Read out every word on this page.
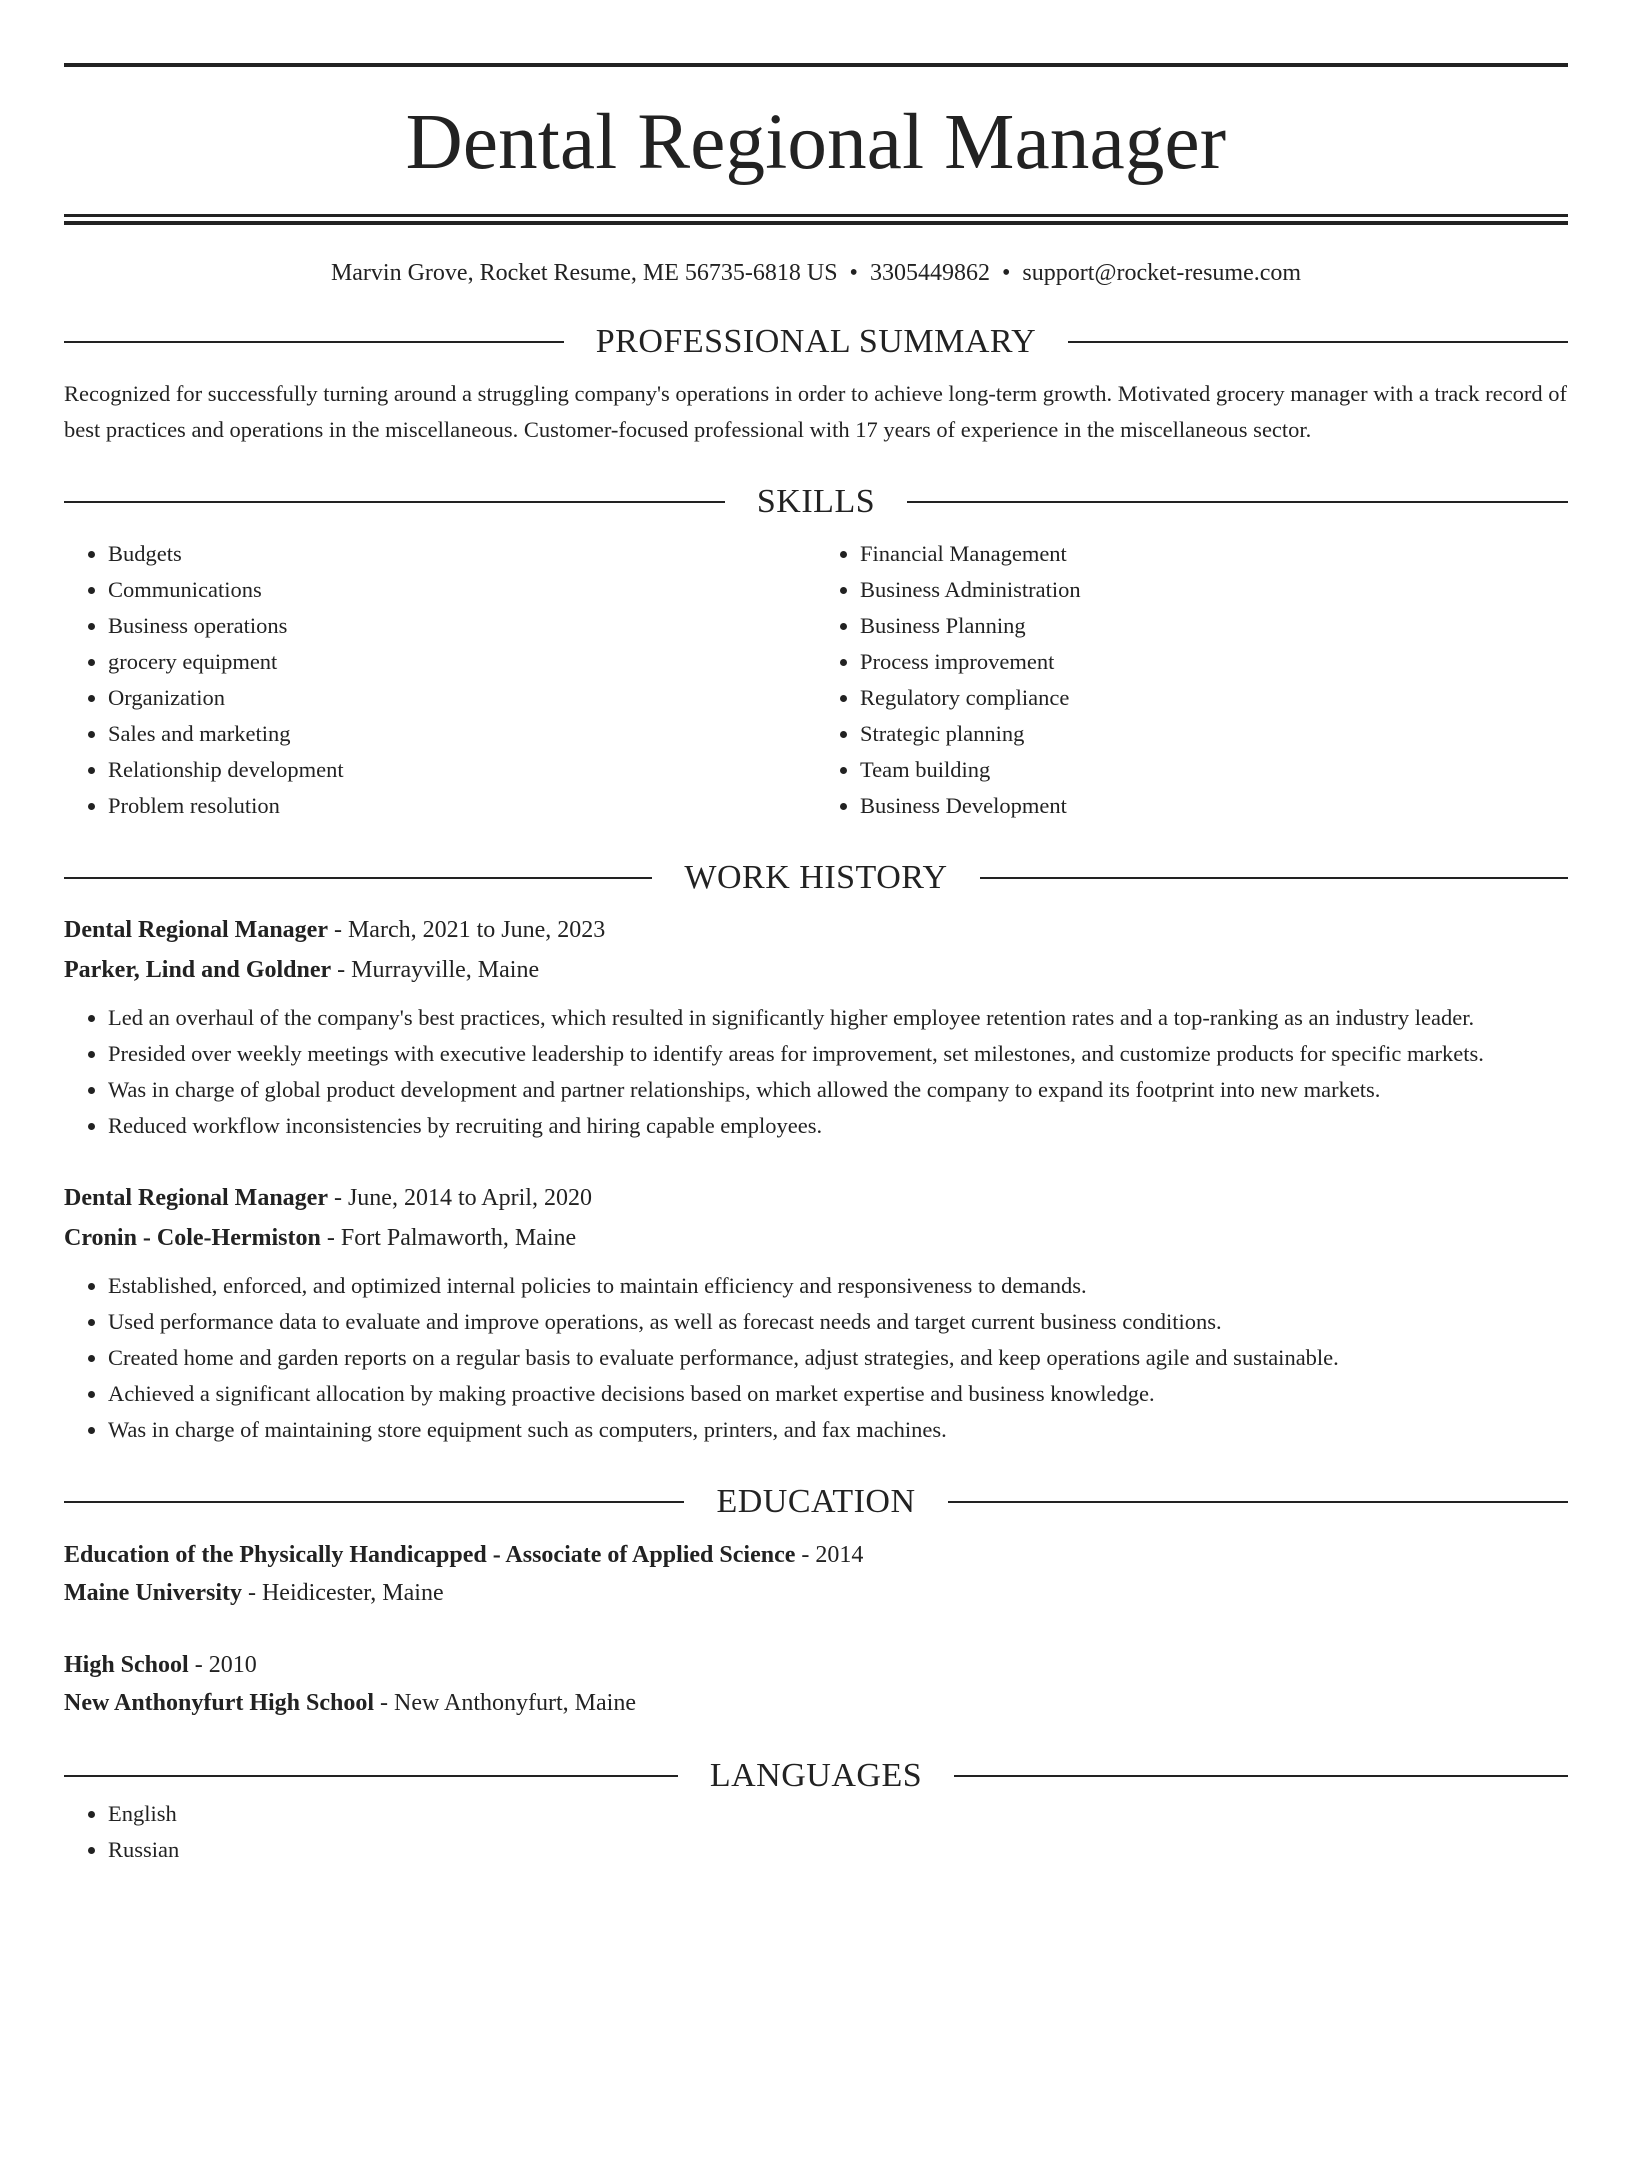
Dental Regional Manager
Marvin Grove, Rocket Resume, ME 56735-6818 US • 3305449862 • support@rocket-resume.com
PROFESSIONAL SUMMARY

Recognized for successfully turning around a struggling company's operations in order to achieve long-term growth. Motivated grocery manager with a track record of best practices and operations in the miscellaneous. Customer-focused professional with 17 years of experience in the miscellaneous sector.

SKILLS
• Budgets
• Communications
• Business operations
• grocery equipment
• Organization
• Sales and marketing
• Relationship development
• Problem resolution
• Financial Management
• Business Administration
• Business Planning
• Process improvement
• Regulatory compliance
• Strategic planning
• Team building
• Business Development
WORK HISTORY
Dental Regional Manager - March, 2021 to June, 2023
Parker, Lind and Goldner - Murrayville, Maine
• Led an overhaul of the company's best practices, which resulted in significantly higher employee retention rates and a top-ranking as an industry leader.
• Presided over weekly meetings with executive leadership to identify areas for improvement, set milestones, and customize products for specific markets.
• Was in charge of global product development and partner relationships, which allowed the company to expand its footprint into new markets.
• Reduced workflow inconsistencies by recruiting and hiring capable employees.
Dental Regional Manager - June, 2014 to April, 2020
Cronin - Cole-Hermiston - Fort Palmaworth, Maine
• Established, enforced, and optimized internal policies to maintain efficiency and responsiveness to demands.
• Used performance data to evaluate and improve operations, as well as forecast needs and target current business conditions.
• Created home and garden reports on a regular basis to evaluate performance, adjust strategies, and keep operations agile and sustainable.
• Achieved a significant allocation by making proactive decisions based on market expertise and business knowledge.
• Was in charge of maintaining store equipment such as computers, printers, and fax machines.
EDUCATION
Education of the Physically Handicapped - Associate of Applied Science - 2014
Maine University - Heidicester, Maine
High School - 2010
New Anthonyfurt High School - New Anthonyfurt, Maine
LANGUAGES
• English
• Russian
